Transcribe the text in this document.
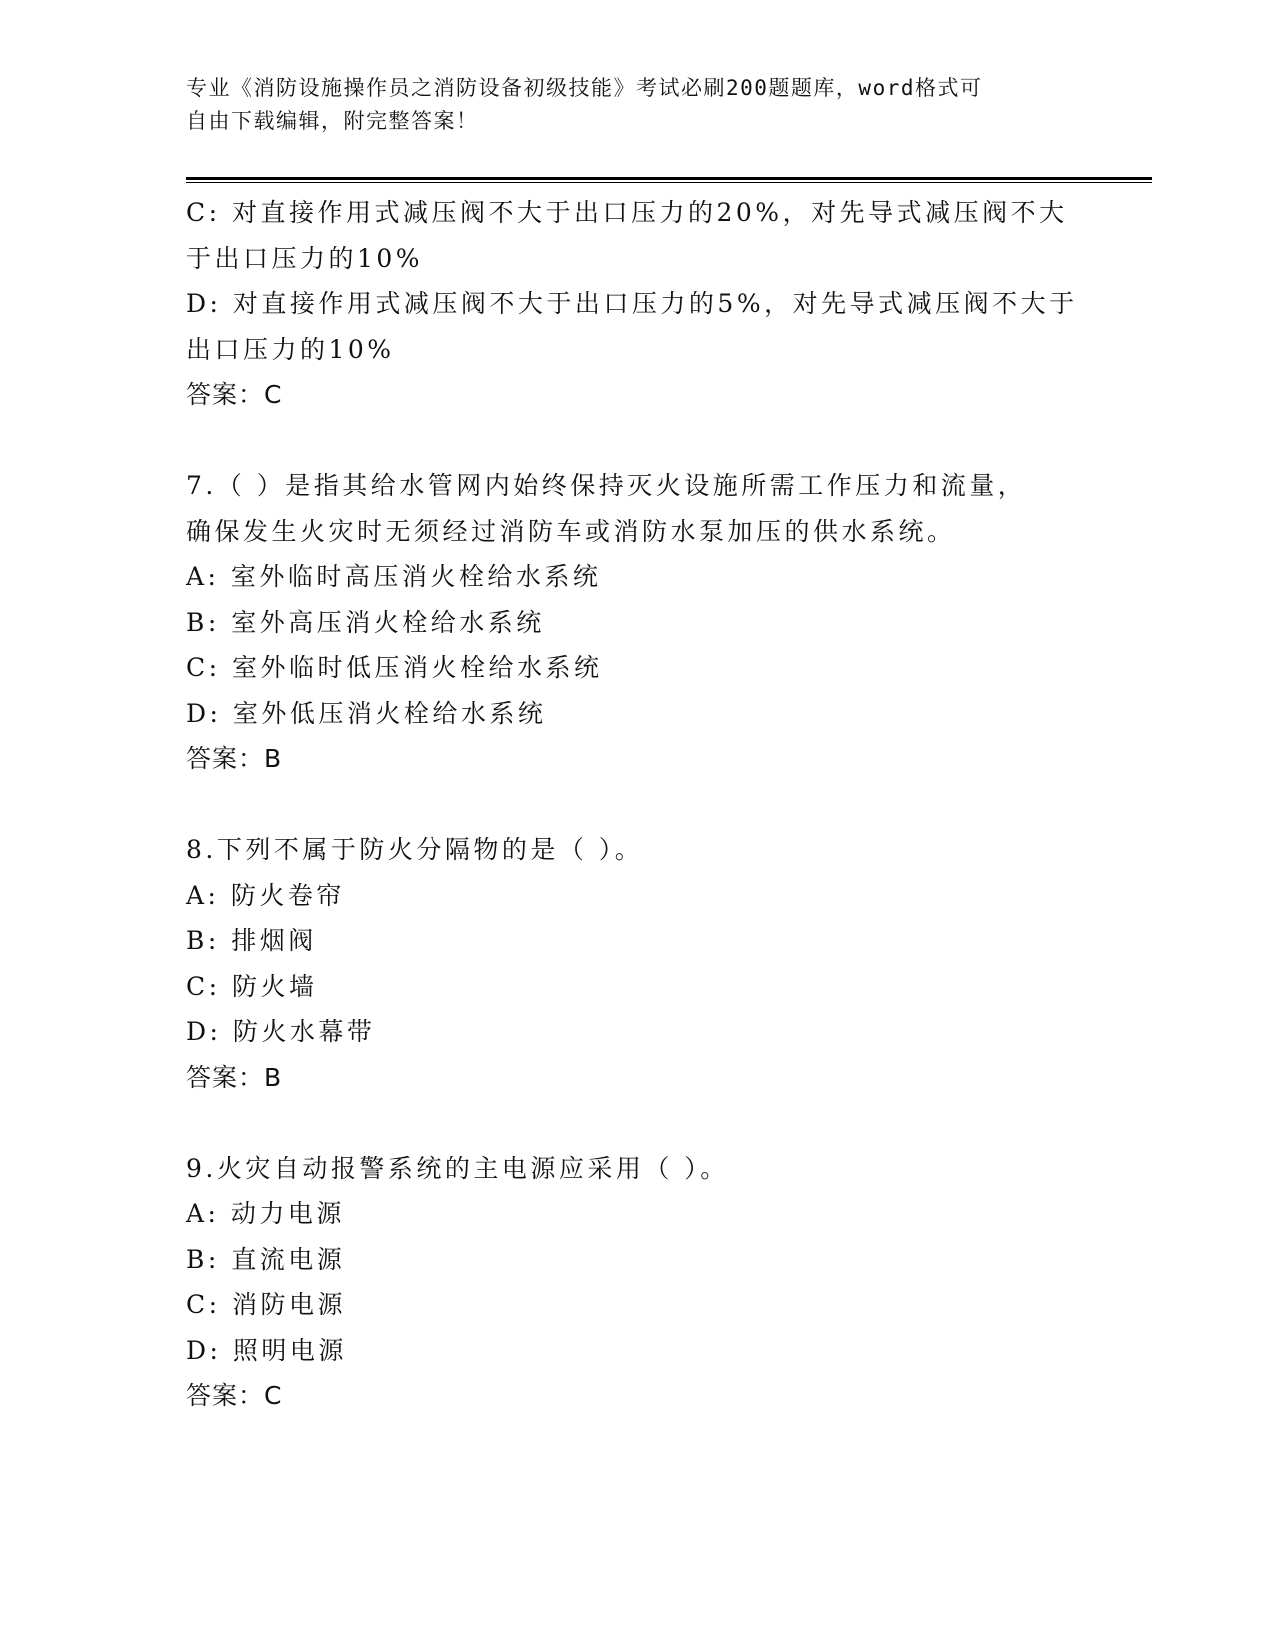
专业《消防设施操作员之消防设备初级技能》考试必刷200题题库，word格式可
自由下载编辑，附完整答案！
C: 对直接作用式减压阀不大于出口压力的20%，对先导式减压阀不大
于出口压力的10%
D: 对直接作用式减压阀不大于出口压力的5%，对先导式减压阀不大于
出口压力的10%
答案：C
7.（ ）是指其给水管网内始终保持灭火设施所需工作压力和流量，
确保发生火灾时无须经过消防车或消防水泵加压的供水系统。
A: 室外临时高压消火栓给水系统
B: 室外高压消火栓给水系统
C: 室外临时低压消火栓给水系统
D: 室外低压消火栓给水系统
答案：B
8.下列不属于防火分隔物的是（ ）。
A: 防火卷帘
B: 排烟阀
C: 防火墙
D: 防火水幕带
答案：B
9.火灾自动报警系统的主电源应采用（ ）。
A: 动力电源
B: 直流电源
C: 消防电源
D: 照明电源
答案：C
